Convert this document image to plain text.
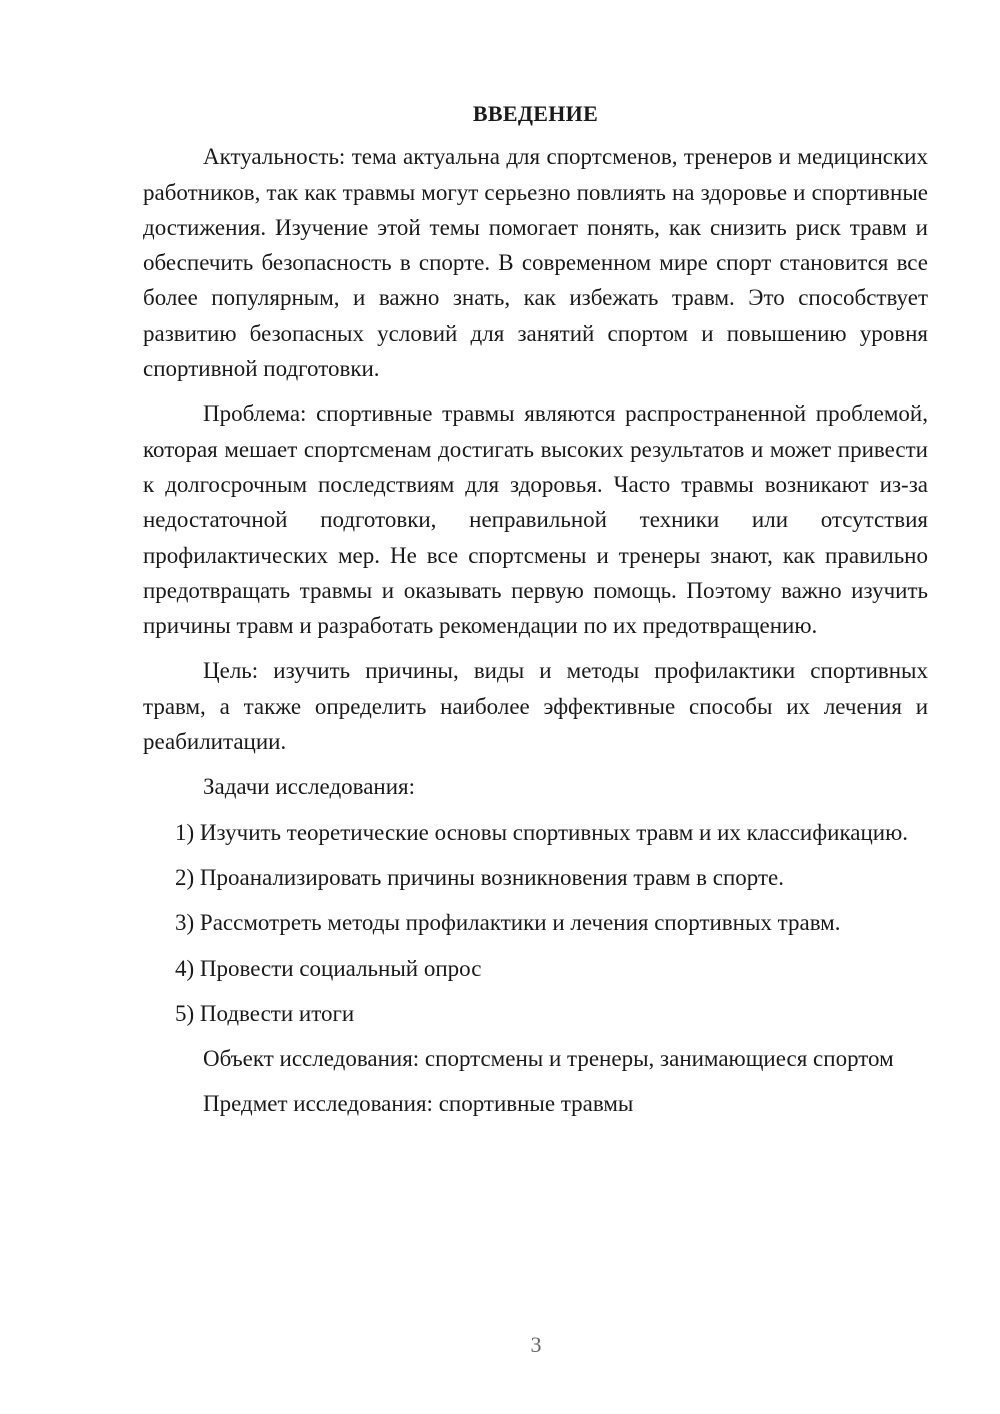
ВВЕДЕНИЕ
Актуальность: тема актуальна для спортсменов, тренеров и медицинских работников, так как травмы могут серьезно повлиять на здоровье и спортивные достижения. Изучение этой темы помогает понять, как снизить риск травм и обеспечить безопасность в спорте. В современном мире спорт становится все более популярным, и важно знать, как избежать травм. Это способствует развитию безопасных условий для занятий спортом и повышению уровня спортивной подготовки.
Проблема: спортивные травмы являются распространенной проблемой, которая мешает спортсменам достигать высоких результатов и может привести к долгосрочным последствиям для здоровья. Часто травмы возникают из-за недостаточной подготовки, неправильной техники или отсутствия профилактических мер. Не все спортсмены и тренеры знают, как правильно предотвращать травмы и оказывать первую помощь. Поэтому важно изучить причины травм и разработать рекомендации по их предотвращению.
Цель: изучить причины, виды и методы профилактики спортивных травм, а также определить наиболее эффективные способы их лечения и реабилитации.
Задачи исследования:
1) Изучить теоретические основы спортивных травм и их классификацию.
2) Проанализировать причины возникновения травм в спорте.
3) Рассмотреть методы профилактики и лечения спортивных травм.
4) Провести социальный опрос
5) Подвести итоги
Объект исследования: спортсмены и тренеры, занимающиеся спортом
Предмет исследования: спортивные травмы
3
